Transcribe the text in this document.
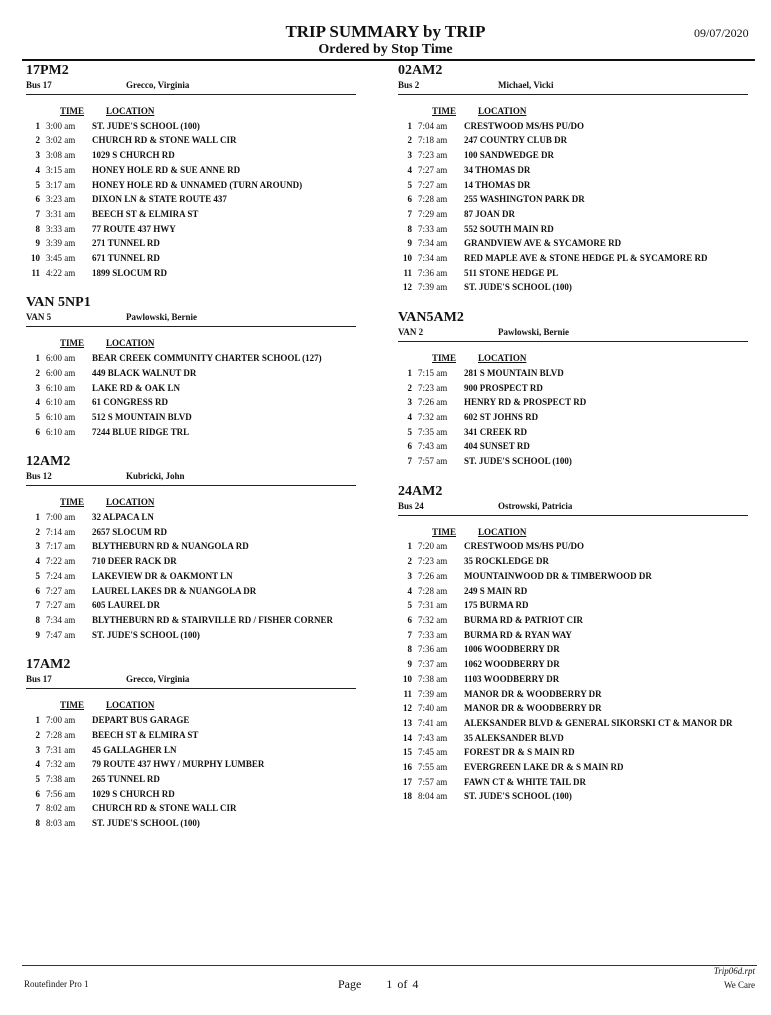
TRIP SUMMARY by TRIP
Ordered by Stop Time
09/07/2020
17PM2
Bus 17	Grecco, Virginia
TIME	LOCATION
1 3:00 am	ST. JUDE'S SCHOOL (100)
2 3:02 am	CHURCH RD & STONE WALL CIR
3 3:08 am	1029 S CHURCH RD
4 3:15 am	HONEY HOLE RD & SUE ANNE RD
5 3:17 am	HONEY HOLE RD & UNNAMED (TURN AROUND)
6 3:23 am	DIXON LN & STATE ROUTE 437
7 3:31 am	BEECH ST & ELMIRA ST
8 3:33 am	77 ROUTE 437 HWY
9 3:39 am	271 TUNNEL RD
10 3:45 am	671 TUNNEL RD
11 4:22 am	1899 SLOCUM RD
VAN 5NP1
VAN 5	Pawlowski, Bernie
TIME	LOCATION
1 6:00 am	BEAR CREEK COMMUNITY CHARTER SCHOOL (127)
2 6:00 am	449 BLACK WALNUT DR
3 6:10 am	LAKE RD & OAK LN
4 6:10 am	61 CONGRESS RD
5 6:10 am	512 S MOUNTAIN BLVD
6 6:10 am	7244 BLUE RIDGE TRL
12AM2
Bus 12	Kubricki, John
TIME	LOCATION
1 7:00 am	32 ALPACA LN
2 7:14 am	2657 SLOCUM RD
3 7:17 am	BLYTHEBURN RD & NUANGOLA RD
4 7:22 am	710 DEER RACK DR
5 7:24 am	LAKEVIEW DR & OAKMONT LN
6 7:27 am	LAUREL LAKES DR & NUANGOLA DR
7 7:27 am	605 LAUREL DR
8 7:34 am	BLYTHEBURN RD & STAIRVILLE RD / FISHER CORNER
9 7:47 am	ST. JUDE'S SCHOOL (100)
17AM2
Bus 17	Grecco, Virginia
TIME	LOCATION
1 7:00 am	DEPART BUS GARAGE
2 7:28 am	BEECH ST & ELMIRA ST
3 7:31 am	45 GALLAGHER LN
4 7:32 am	79 ROUTE 437 HWY / MURPHY LUMBER
5 7:38 am	265 TUNNEL RD
6 7:56 am	1029 S CHURCH RD
7 8:02 am	CHURCH RD & STONE WALL CIR
8 8:03 am	ST. JUDE'S SCHOOL (100)
02AM2
Bus 2	Michael, Vicki
TIME	LOCATION
1 7:04 am	CRESTWOOD MS/HS PU/DO
2 7:18 am	247 COUNTRY CLUB DR
3 7:23 am	100 SANDWEDGE DR
4 7:27 am	34 THOMAS DR
5 7:27 am	14 THOMAS DR
6 7:28 am	255 WASHINGTON PARK DR
7 7:29 am	87 JOAN DR
8 7:33 am	552 SOUTH MAIN RD
9 7:34 am	GRANDVIEW AVE & SYCAMORE RD
10 7:34 am	RED MAPLE AVE & STONE HEDGE PL & SYCAMORE RD
11 7:36 am	511 STONE HEDGE PL
12 7:39 am	ST. JUDE'S SCHOOL (100)
VAN5AM2
VAN 2	Pawlowski, Bernie
TIME	LOCATION
1 7:15 am	281 S MOUNTAIN BLVD
2 7:23 am	900 PROSPECT RD
3 7:26 am	HENRY RD & PROSPECT RD
4 7:32 am	602 ST JOHNS RD
5 7:35 am	341 CREEK RD
6 7:43 am	404 SUNSET RD
7 7:57 am	ST. JUDE'S SCHOOL (100)
24AM2
Bus 24	Ostrowski, Patricia
TIME	LOCATION
1 7:20 am	CRESTWOOD MS/HS PU/DO
2 7:23 am	35 ROCKLEDGE DR
3 7:26 am	MOUNTAINWOOD DR & TIMBERWOOD DR
4 7:28 am	249 S MAIN RD
5 7:31 am	175 BURMA RD
6 7:32 am	BURMA RD & PATRIOT CIR
7 7:33 am	BURMA RD & RYAN WAY
8 7:36 am	1006 WOODBERRY DR
9 7:37 am	1062 WOODBERRY DR
10 7:38 am	1103 WOODBERRY DR
11 7:39 am	MANOR DR & WOODBERRY DR
12 7:40 am	MANOR DR & WOODBERRY DR
13 7:41 am	ALEKSANDER BLVD & GENERAL SIKORSKI CT & MANOR DR
14 7:43 am	35 ALEKSANDER BLVD
15 7:45 am	FOREST DR & S MAIN RD
16 7:55 am	EVERGREEN LAKE DR & S MAIN RD
17 7:57 am	FAWN CT & WHITE TAIL DR
18 8:04 am	ST. JUDE'S SCHOOL (100)
Routefinder Pro 1	Page 1 of 4
Trip06d.rpt
We Care
